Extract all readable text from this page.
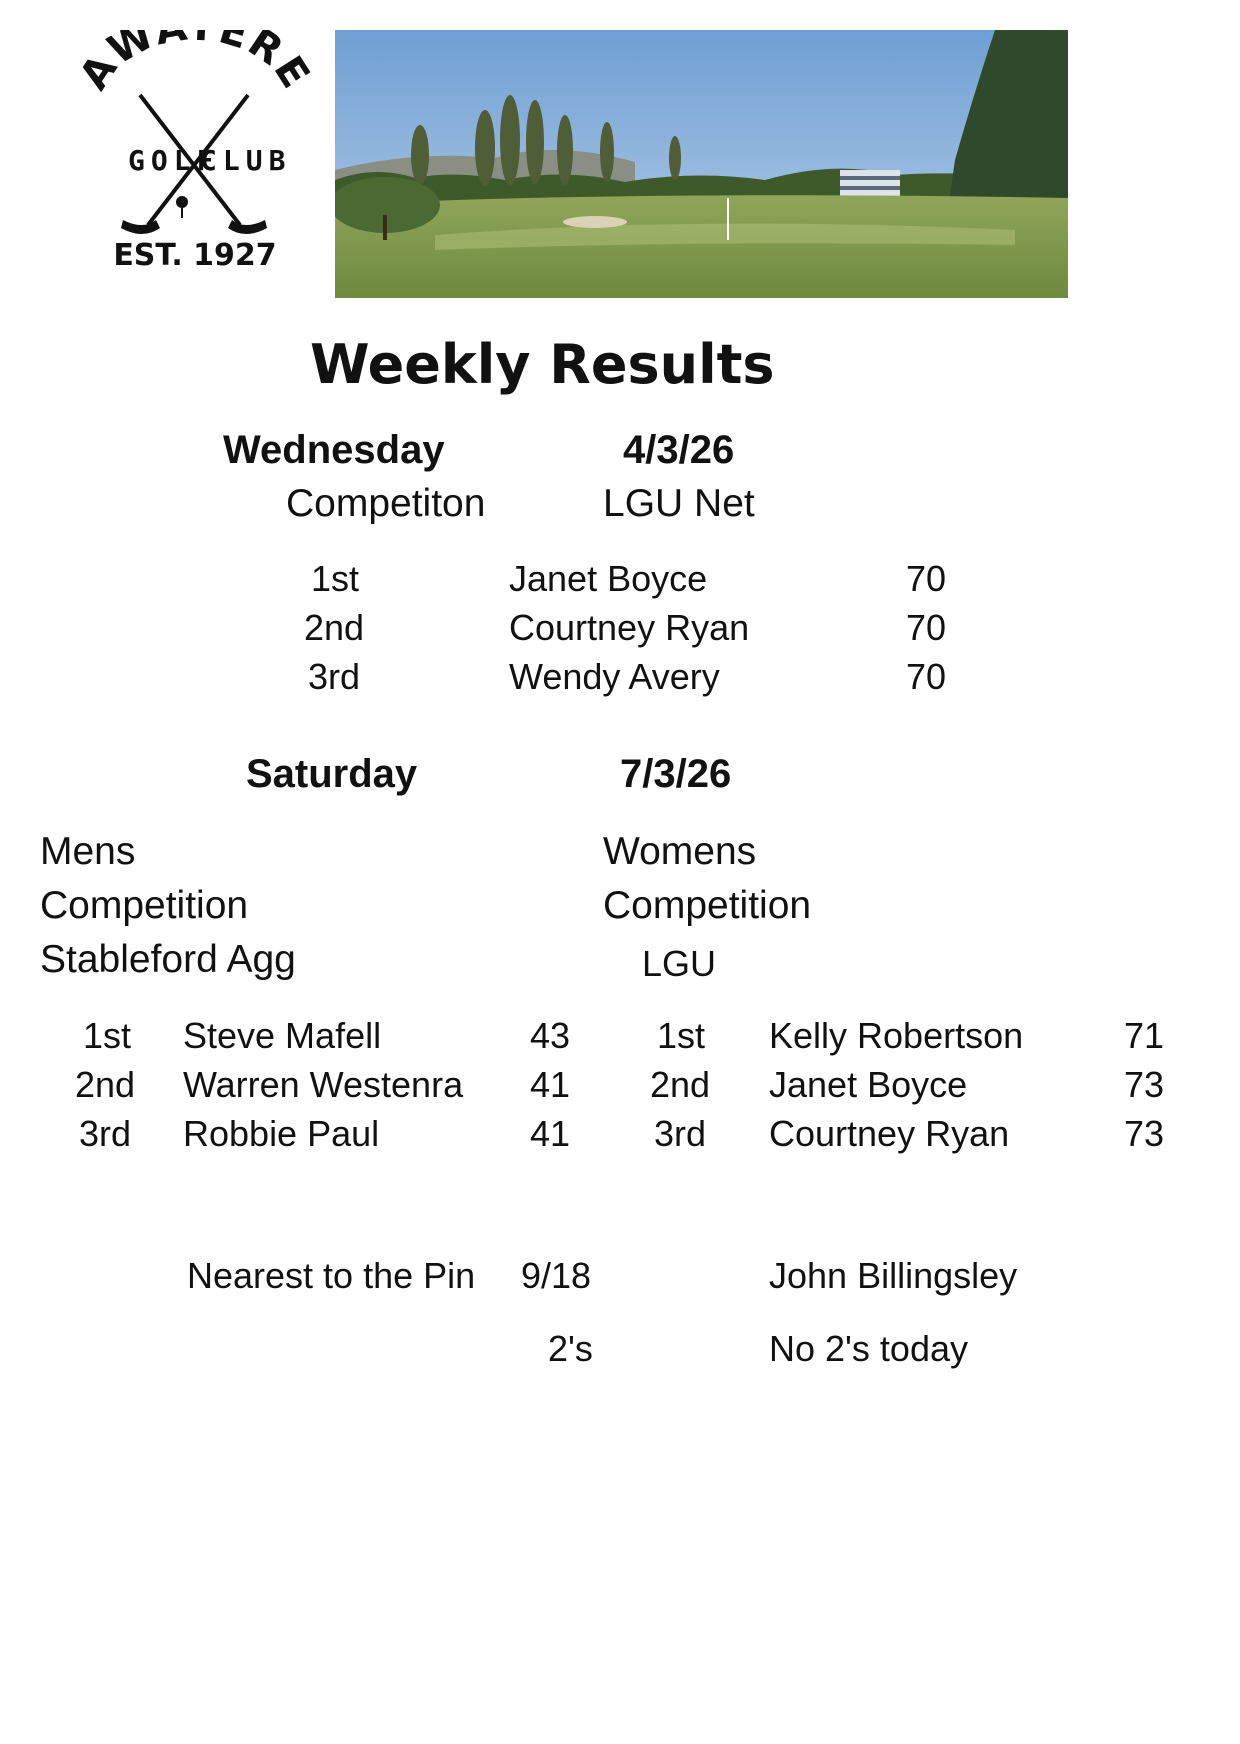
AW ERE
GOLF
CLUB
EST. 1927
Weekly Results
Wednesday	4/3/26
Competiton	LGU Net
1st	Janet Boyce	70
2nd	Courtney Ryan	70
3rd	Wendy Avery	70
Saturday	7/3/26
Mens
Competition
Stableford Agg
Womens
Competition
LGU
1st Steve Mafell	43
2nd Warren Westenra 41
3rd Robbie Paul	41
1st Kelly Robertson	71
2nd Janet Boyce	73
3rd Courtney Ryan	73
Nearest to the Pin 9/18	John Billingsley
2's	No 2's today
